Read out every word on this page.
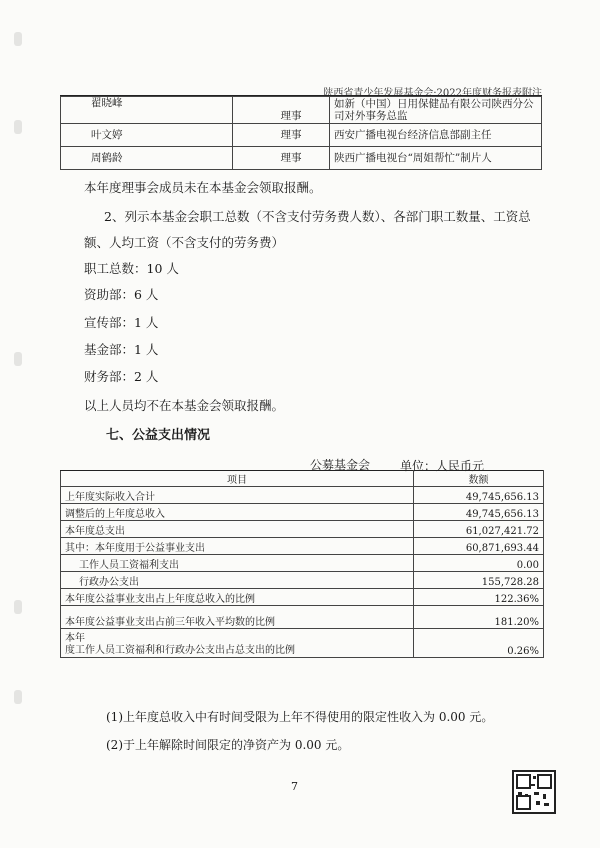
陕西省青少年发展基金会·2022年度财务报表附注
翟晓峰	理事	如新（中国）日用保健品有限公司陕西分公司对外事务总监
叶文婷	理事	西安广播电视台经济信息部副主任
周鹤龄	理事	陕西广播电视台“周姐帮忙”制片人
本年度理事会成员未在本基金会领取报酬。
2、列示本基金会职工总数（不含支付劳务费人数）、各部门职工数量、工资总额、人均工资（不含支付的劳务费）
职工总数：10 人
资助部：6 人
宣传部：1 人
基金部：1 人
财务部：2 人
以上人员均不在本基金会领取报酬。
七、公益支出情况
公募基金会 单位：人民币元
项目	数额
上年度实际收入合计	49,745,656.13
调整后的上年度总收入	49,745,656.13
本年度总支出	61,027,421.72
其中：本年度用于公益事业支出	60,871,693.44
工作人员工资福利支出	0.00
行政办公支出	155,728.28
本年度公益事业支出占上年度总收入的比例	122.36%
本年度公益事业支出占前三年收入平均数的比例	181.20%

本年
度工作人员工资福利和行政办公支出占总支出的比例	0.26%
(1)上年度总收入中有时间受限为上年不得使用的限定性收入为 0.00 元。
(2)于上年解除时间限定的净资产为 0.00 元。
7
